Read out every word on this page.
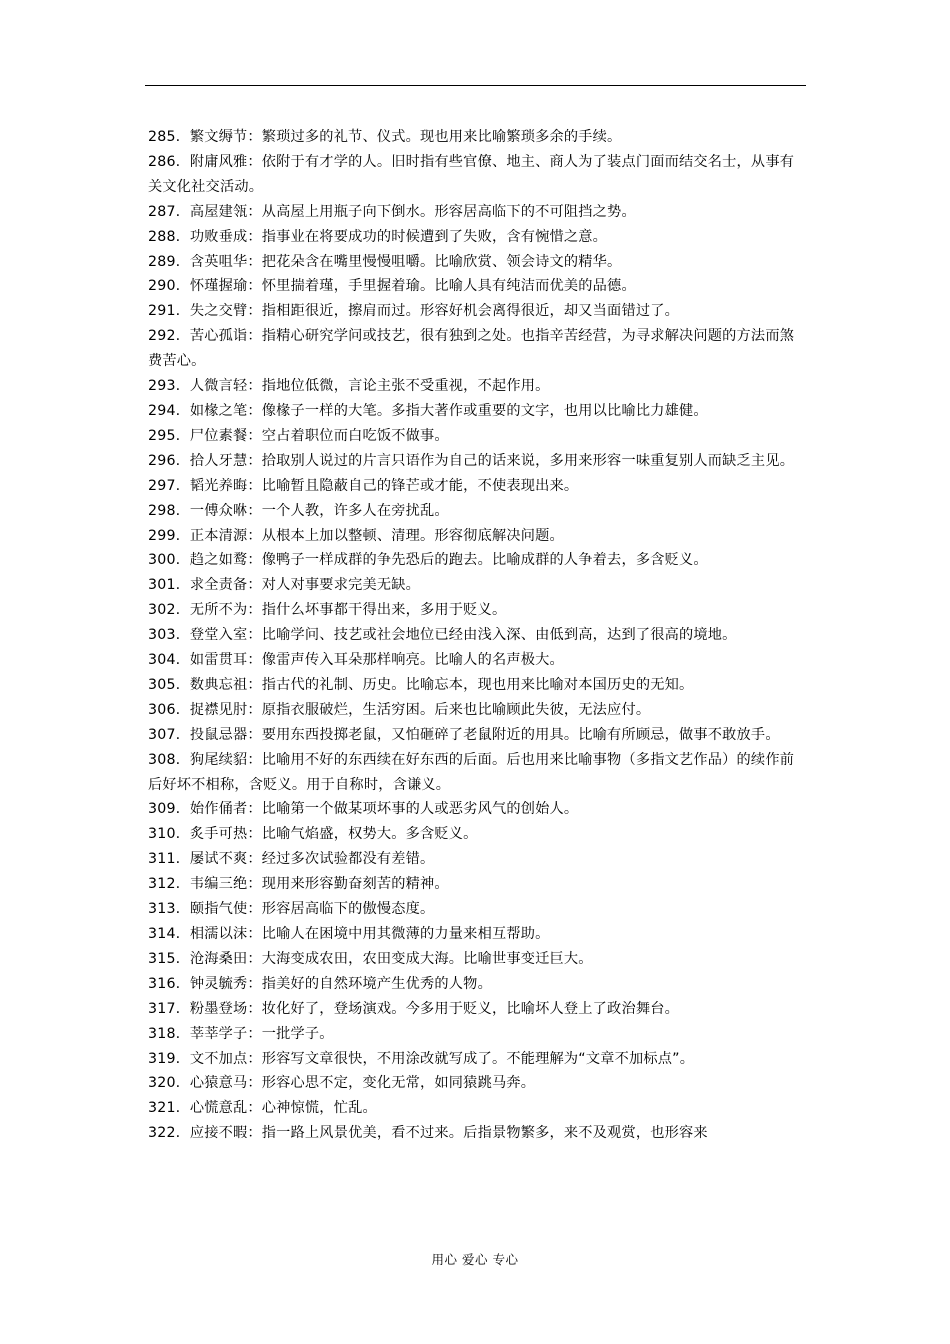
285. 繁文缛节：繁琐过多的礼节、仪式。现也用来比喻繁琐多余的手续。

286. 附庸风雅：依附于有才学的人。旧时指有些官僚、地主、商人为了装点门面而结交名士，从事有关文化社交活动。

287. 高屋建瓴：从高屋上用瓶子向下倒水。形容居高临下的不可阻挡之势。

288. 功败垂成：指事业在将要成功的时候遭到了失败，含有惋惜之意。

289. 含英咀华：把花朵含在嘴里慢慢咀嚼。比喻欣赏、领会诗文的精华。

290. 怀瑾握瑜：怀里揣着瑾，手里握着瑜。比喻人具有纯洁而优美的品德。

291. 失之交臂：指相距很近，擦肩而过。形容好机会离得很近，却又当面错过了。

292. 苦心孤诣：指精心研究学问或技艺，很有独到之处。也指辛苦经营，为寻求解决问题的方法而煞费苦心。

293. 人微言轻：指地位低微，言论主张不受重视，不起作用。

294. 如椽之笔：像椽子一样的大笔。多指大著作或重要的文字，也用以比喻比力雄健。

295. 尸位素餐：空占着职位而白吃饭不做事。

296. 拾人牙慧：拾取别人说过的片言只语作为自己的话来说，多用来形容一味重复别人而缺乏主见。

297. 韬光养晦：比喻暂且隐蔽自己的锋芒或才能，不使表现出来。

298. 一傅众咻：一个人教，许多人在旁扰乱。

299. 正本清源：从根本上加以整顿、清理。形容彻底解决问题。

300. 趋之如鹜：像鸭子一样成群的争先恐后的跑去。比喻成群的人争着去，多含贬义。

301. 求全责备：对人对事要求完美无缺。

302. 无所不为：指什么坏事都干得出来，多用于贬义。

303. 登堂入室：比喻学问、技艺或社会地位已经由浅入深、由低到高，达到了很高的境地。

304. 如雷贯耳：像雷声传入耳朵那样响亮。比喻人的名声极大。

305. 数典忘祖：指古代的礼制、历史。比喻忘本，现也用来比喻对本国历史的无知。

306. 捉襟见肘：原指衣服破烂，生活穷困。后来也比喻顾此失彼，无法应付。

307. 投鼠忌器：要用东西投掷老鼠，又怕砸碎了老鼠附近的用具。比喻有所顾忌，做事不敢放手。

308. 狗尾续貂：比喻用不好的东西续在好东西的后面。后也用来比喻事物（多指文艺作品）的续作前后好坏不相称，含贬义。用于自称时，含谦义。

309. 始作俑者：比喻第一个做某项坏事的人或恶劣风气的创始人。

310. 炙手可热：比喻气焰盛，权势大。多含贬义。

311. 屡试不爽：经过多次试验都没有差错。

312. 韦编三绝：现用来形容勤奋刻苦的精神。

313. 颐指气使：形容居高临下的傲慢态度。

314. 相濡以沫：比喻人在困境中用其微薄的力量来相互帮助。

315. 沧海桑田：大海变成农田，农田变成大海。比喻世事变迁巨大。

316. 钟灵毓秀：指美好的自然环境产生优秀的人物。

317. 粉墨登场：妆化好了，登场演戏。今多用于贬义，比喻坏人登上了政治舞台。

318. 莘莘学子：一批学子。

319. 文不加点：形容写文章很快，不用涂改就写成了。不能理解为“文章不加标点”。

320. 心猿意马：形容心思不定，变化无常，如同猿跳马奔。

321. 心慌意乱：心神惊慌，忙乱。

322. 应接不暇：指一路上风景优美，看不过来。后指景物繁多，来不及观赏，也形容来

用心 爱心 专心
